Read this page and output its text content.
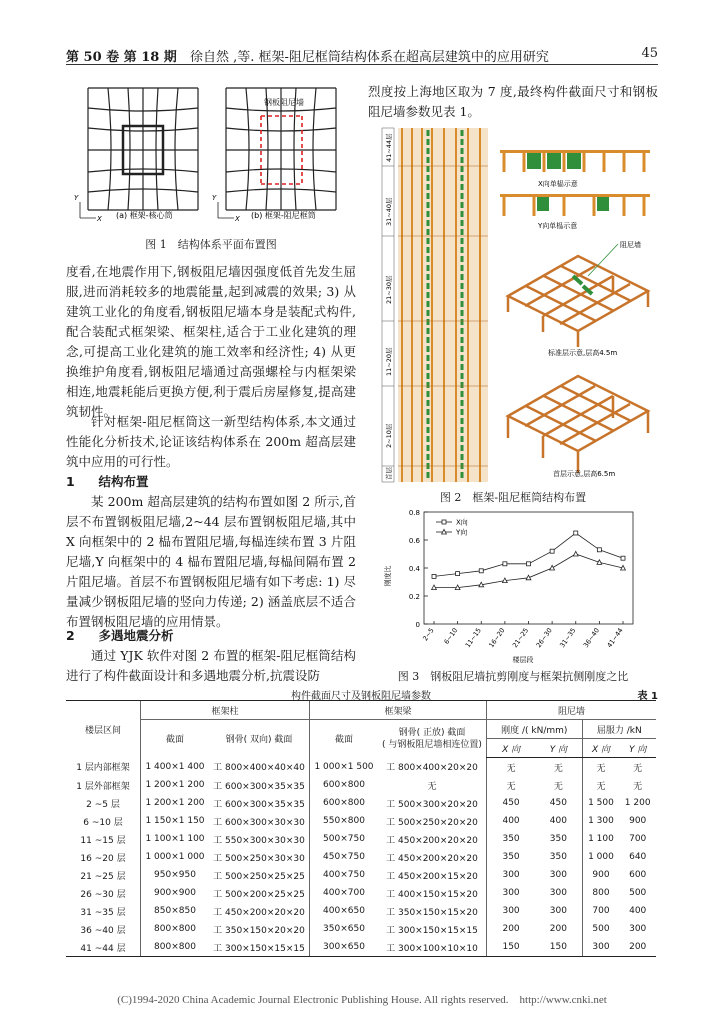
第 50 卷 第 18 期 徐自然 ,等. 框架-阻尼框筒结构体系在超高层建筑中的应用研究	45
Y
X
Y
X
(a) 框架-核心筒	(b) 框架-阻尼框筒
钢板阻尼墙
图 1　结构体系平面布置图
度看,在地震作用下,钢板阻尼墙因强度低首先发生屈服,进而消耗较多的地震能量,起到减震的效果; 3) 从建筑工业化的角度看,钢板阻尼墙本身是装配式构件,配合装配式框架梁、框架柱,适合于工业化建筑的理念,可提高工业化建筑的施工效率和经济性; 4) 从更换维护角度看,钢板阻尼墙通过高强螺栓与内框架梁相连,地震耗能后更换方便,利于震后房屋修复,提高建筑韧性。
针对框架-阻尼框筒这一新型结构体系,本文通过性能化分析技术,论证该结构体系在 200m 超高层建筑中应用的可行性。
1 结构布置
某 200m 超高层建筑的结构布置如图 2 所示,首层不布置钢板阻尼墙,2~44 层布置钢板阻尼墙,其中 X 向框架中的 2 榀布置阻尼墙,每榀连续布置 3 片阻尼墙,Y 向框架中的 4 榀布置阻尼墙,每榀间隔布置 2 片阻尼墙。首层不布置钢板阻尼墙有如下考虑: 1) 尽量减少钢板阻尼墙的竖向力传递; 2) 涵盖底层不适合布置钢板阻尼墙的应用情景。
2 多遇地震分析
通过 YJK 软件对图 2 布置的框架-阻尼框筒结构进行了构件截面设计和多遇地震分析,抗震设防
烈度按上海地区取为 7 度,最终构件截面尺寸和钢板阻尼墙参数见表 1。
41~44层
31~40层
21~30层
11~20层
2~10层
首层
X向单榀示意
Y向单榀示意
阻尼墙
标准层示意,层高4.5m
首层示意,层高6.5m
图 2　框架-阻尼框筒结构布置
刚度比
楼层段
0
0.2
0.4
0.6
0.8
2~5 6~10 11~15 16~20 21~25 26~30 31~35 36~40 41~44
X向
Y向
图 3　钢板阻尼墙抗剪刚度与框架抗侧刚度之比
构件截面尺寸及钢板阻尼墙参数	表 1
楼层区间	框架柱		框架梁		阻尼墙			
	截面	钢骨( 双向) 截面	截面	钢骨( 正放) 截面
( 与钢板阻尼墙相连位置)	刚度 /( kN/mm)		屈服力 /kN	
					X 向	Y 向	X 向	Y 向
1 层内部框架	1 400×1 400	工 800×400×40×40	1 000×1 500	工 800×400×20×20	无	无	无	无
1 层外部框架	1 200×1 200	工 600×300×35×35	600×800	无	无	无	无	无
2 ~5 层	1 200×1 200	工 600×300×35×35	600×800	工 500×300×20×20	450	450	1 500	1 200
6 ~10 层	1 150×1 150	工 600×300×30×30	550×800	工 500×250×20×20	400	400	1 300	900
11 ~15 层	1 100×1 100	工 550×300×30×30	500×750	工 450×200×20×20	350	350	1 100	700
16 ~20 层	1 000×1 000	工 500×250×30×30	450×750	工 450×200×20×20	350	350	1 000	640
21 ~25 层	950×950	工 500×250×25×25	400×750	工 450×200×15×20	300	300	900	600
26 ~30 层	900×900	工 500×200×25×25	400×700	工 400×150×15×20	300	300	800	500
31 ~35 层	850×850	工 450×200×20×20	400×650	工 350×150×15×20	300	300	700	400
36 ~40 层	800×800	工 350×150×20×20	350×650	工 300×150×15×15	200	200	500	300
41 ~44 层	800×800	工 300×150×15×15	300×650	工 300×100×10×10	150	150	300	200
(C)1994-2020 China Academic Journal Electronic Publishing House. All rights reserved.　http://www.cnki.net
